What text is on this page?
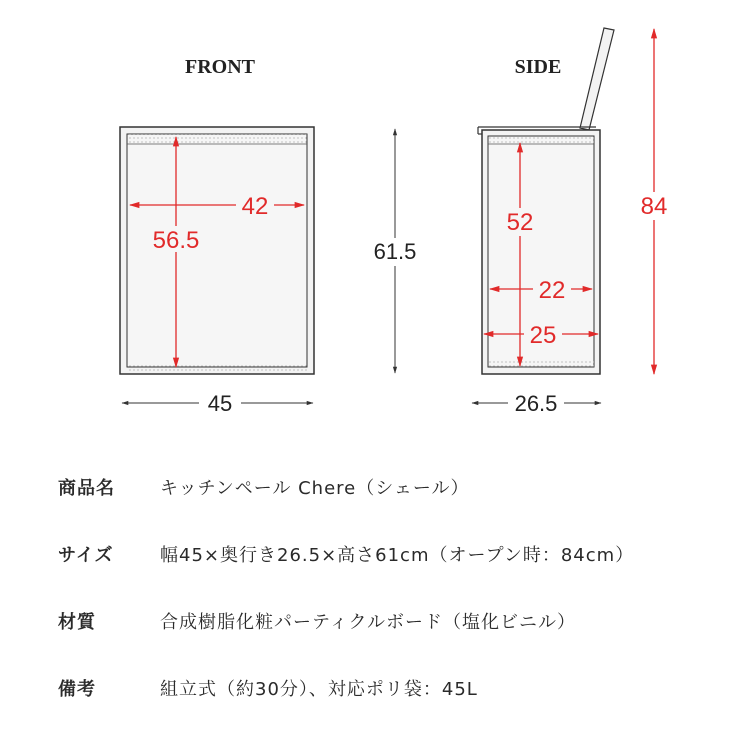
FRONT
56.5
42
61.5
45
SIDE
52
22
25
84
26.5
商品名	キッチンペール Chere（シェール）
サイズ	幅45×奥行き26.5×高さ61cm（オープン時：84cm）
材質	合成樹脂化粧パーティクルボード（塩化ビニル）
備考	組立式（約30分）、対応ポリ袋：45L
